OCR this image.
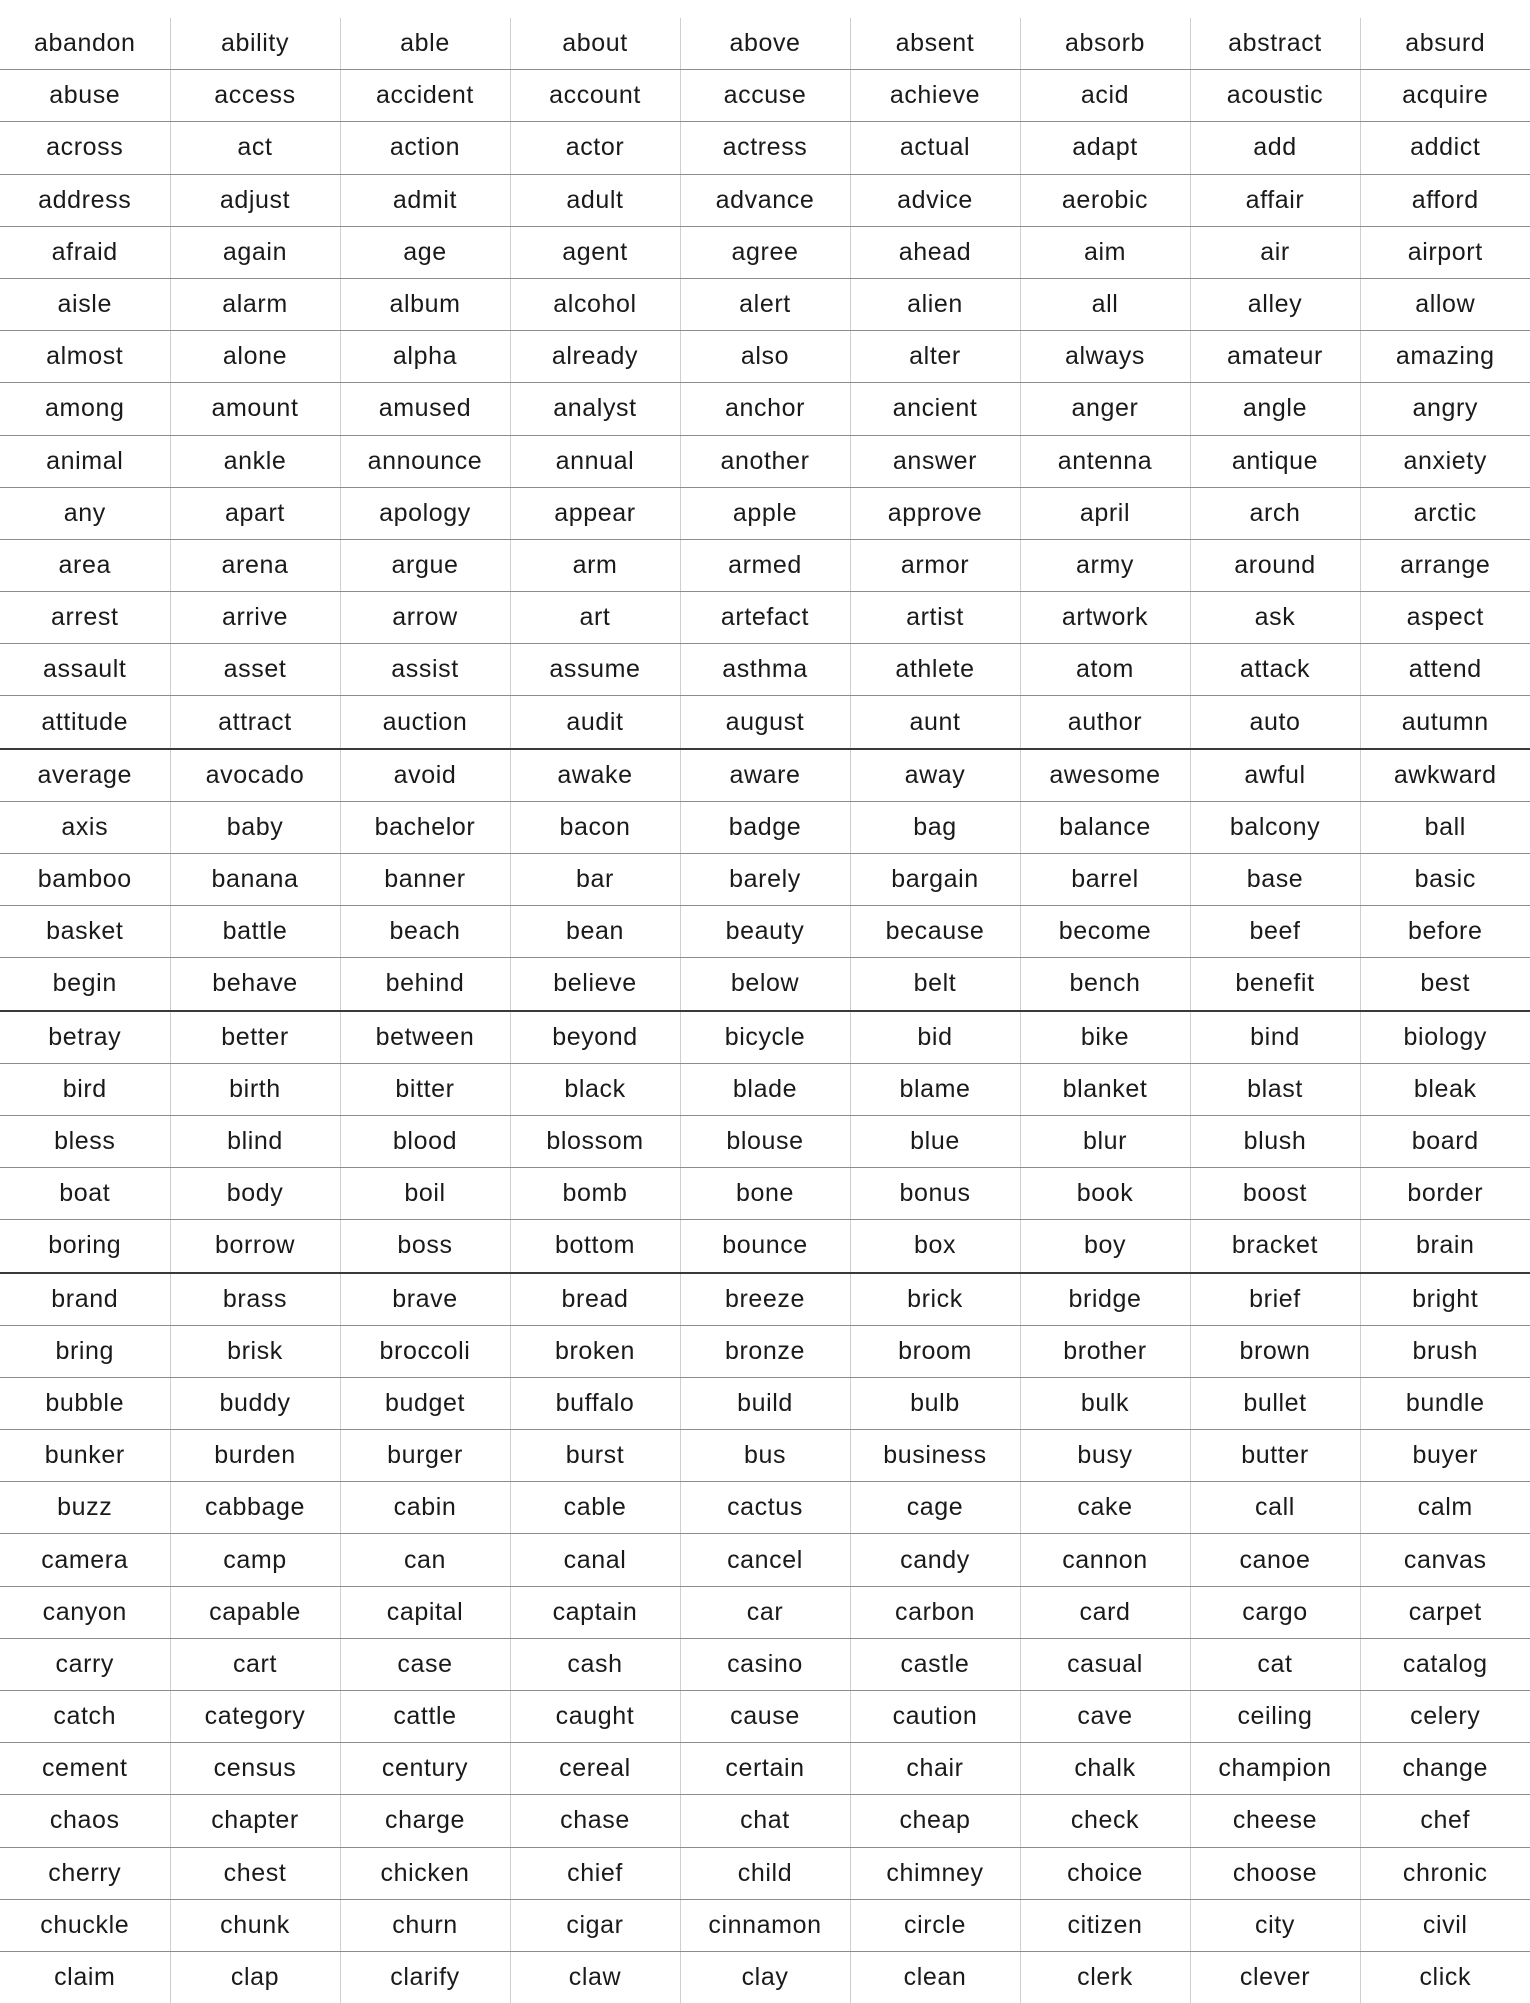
abandon	ability	able	about	above	absent	absorb	abstract	absurd
abuse	access	accident	account	accuse	achieve	acid	acoustic	acquire
across	act	action	actor	actress	actual	adapt	add	addict
address	adjust	admit	adult	advance	advice	aerobic	affair	afford
afraid	again	age	agent	agree	ahead	aim	air	airport
aisle	alarm	album	alcohol	alert	alien	all	alley	allow
almost	alone	alpha	already	also	alter	always	amateur	amazing
among	amount	amused	analyst	anchor	ancient	anger	angle	angry
animal	ankle	announce	annual	another	answer	antenna	antique	anxiety
any	apart	apology	appear	apple	approve	april	arch	arctic
area	arena	argue	arm	armed	armor	army	around	arrange
arrest	arrive	arrow	art	artefact	artist	artwork	ask	aspect
assault	asset	assist	assume	asthma	athlete	atom	attack	attend
attitude	attract	auction	audit	august	aunt	author	auto	autumn
average	avocado	avoid	awake	aware	away	awesome	awful	awkward
axis	baby	bachelor	bacon	badge	bag	balance	balcony	ball
bamboo	banana	banner	bar	barely	bargain	barrel	base	basic
basket	battle	beach	bean	beauty	because	become	beef	before
begin	behave	behind	believe	below	belt	bench	benefit	best
betray	better	between	beyond	bicycle	bid	bike	bind	biology
bird	birth	bitter	black	blade	blame	blanket	blast	bleak
bless	blind	blood	blossom	blouse	blue	blur	blush	board
boat	body	boil	bomb	bone	bonus	book	boost	border
boring	borrow	boss	bottom	bounce	box	boy	bracket	brain
brand	brass	brave	bread	breeze	brick	bridge	brief	bright
bring	brisk	broccoli	broken	bronze	broom	brother	brown	brush
bubble	buddy	budget	buffalo	build	bulb	bulk	bullet	bundle
bunker	burden	burger	burst	bus	business	busy	butter	buyer
buzz	cabbage	cabin	cable	cactus	cage	cake	call	calm
camera	camp	can	canal	cancel	candy	cannon	canoe	canvas
canyon	capable	capital	captain	car	carbon	card	cargo	carpet
carry	cart	case	cash	casino	castle	casual	cat	catalog
catch	category	cattle	caught	cause	caution	cave	ceiling	celery
cement	census	century	cereal	certain	chair	chalk	champion	change
chaos	chapter	charge	chase	chat	cheap	check	cheese	chef
cherry	chest	chicken	chief	child	chimney	choice	choose	chronic
chuckle	chunk	churn	cigar	cinnamon	circle	citizen	city	civil
claim	clap	clarify	claw	clay	clean	clerk	clever	click
